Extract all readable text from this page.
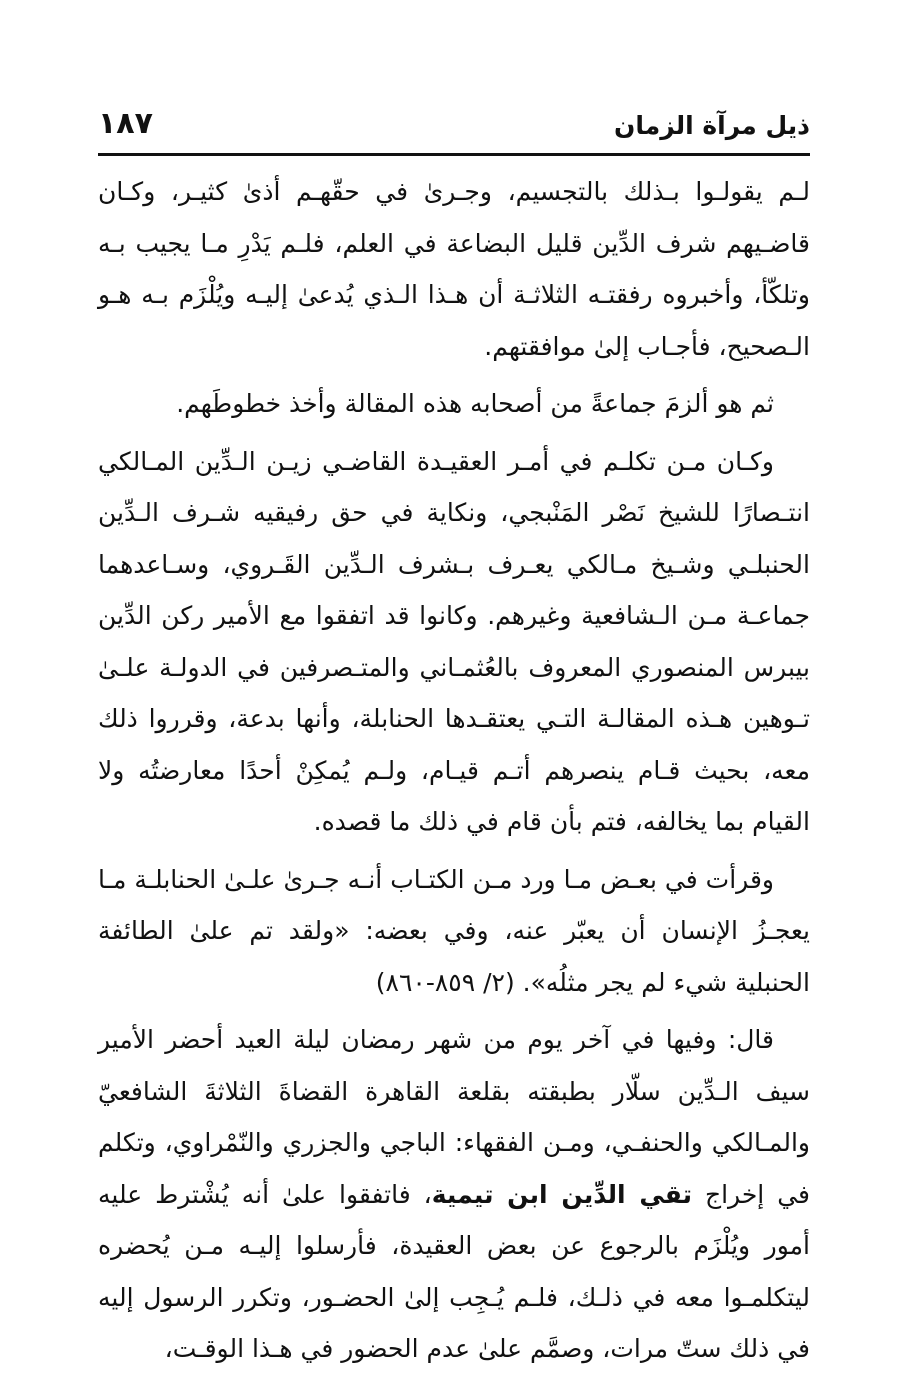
ذيل مرآة الزمان
١٨٧

لـم يقولـوا بـذلك بالتجسيم، وجـرىٰ في حقّهـم أذىٰ كثيـر، وكـان قاضـيهم شرف الدِّين قليل البضاعة في العلم، فلـم يَدْرِ مـا يجيب بـه وتلكّأ، وأخبروه رفقتـه الثلاثـة أن هـذا الـذي يُدعىٰ إليـه ويُلْزَم بـه هـو الـصحيح، فأجـاب إلىٰ موافقتهم.

ثم هو ألزمَ جماعةً من أصحابه هذه المقالة وأخذ خطوطَهم.

وكـان مـن تكلـم في أمـر العقيـدة القاضـي زيـن الـدِّين المـالكي انتـصارًا للشيخ نَصْر المَنْبجي، ونكاية في حق رفيقيه شـرف الـدِّين الحنبلـي وشـيخ مـالكي يعـرف بـشرف الـدِّين القَـروي، وسـاعدهما جماعـة مـن الـشافعية وغيرهم. وكانوا قد اتفقوا مع الأمير ركن الدِّين بيبرس المنصوري المعروف بالعُثمـاني والمتـصرفين في الدولـة علـىٰ تـوهين هـذه المقالـة التـي يعتقـدها الحنابلة، وأنها بدعة، وقرروا ذلك معه، بحيث قـام ينصرهم أتـم قيـام، ولـم يُمكِنْ أحدًا معارضتُه ولا القيام بما يخالفه، فتم بأن قام في ذلك ما قصده.

وقرأت في بعـض مـا ورد مـن الكتـاب أنـه جـرىٰ علـىٰ الحنابلـة مـا يعجـزُ الإنسان أن يعبّر عنه، وفي بعضه: «ولقد تم علىٰ الطائفة الحنبلية شيء لم يجر مثلُه». (٢/ ٨٥٩-٨٦٠)

قال: وفيها في آخر يوم من شهر رمضان ليلة العيد أحضر الأمير سيف الـدِّين سلّار بطبقته بقلعة القاهرة القضاةَ الثلاثةَ الشافعيّ والمـالكي والحنفـي، ومـن الفقهاء: الباجي والجزري والنّمْراوي، وتكلم في إخراج تقي الدِّين ابن تيمية، فاتفقوا علىٰ أنه يُشْترط عليه أمور ويُلْزَم بالرجوع عن بعض العقيدة، فأرسلوا إليـه مـن يُحضره ليتكلمـوا معه في ذلـك، فلـم يُـجِب إلىٰ الحضـور، وتكرر الرسول إليه في ذلك ستّ مرات، وصمَّم علىٰ عدم الحضور في هـذا الوقـت،
